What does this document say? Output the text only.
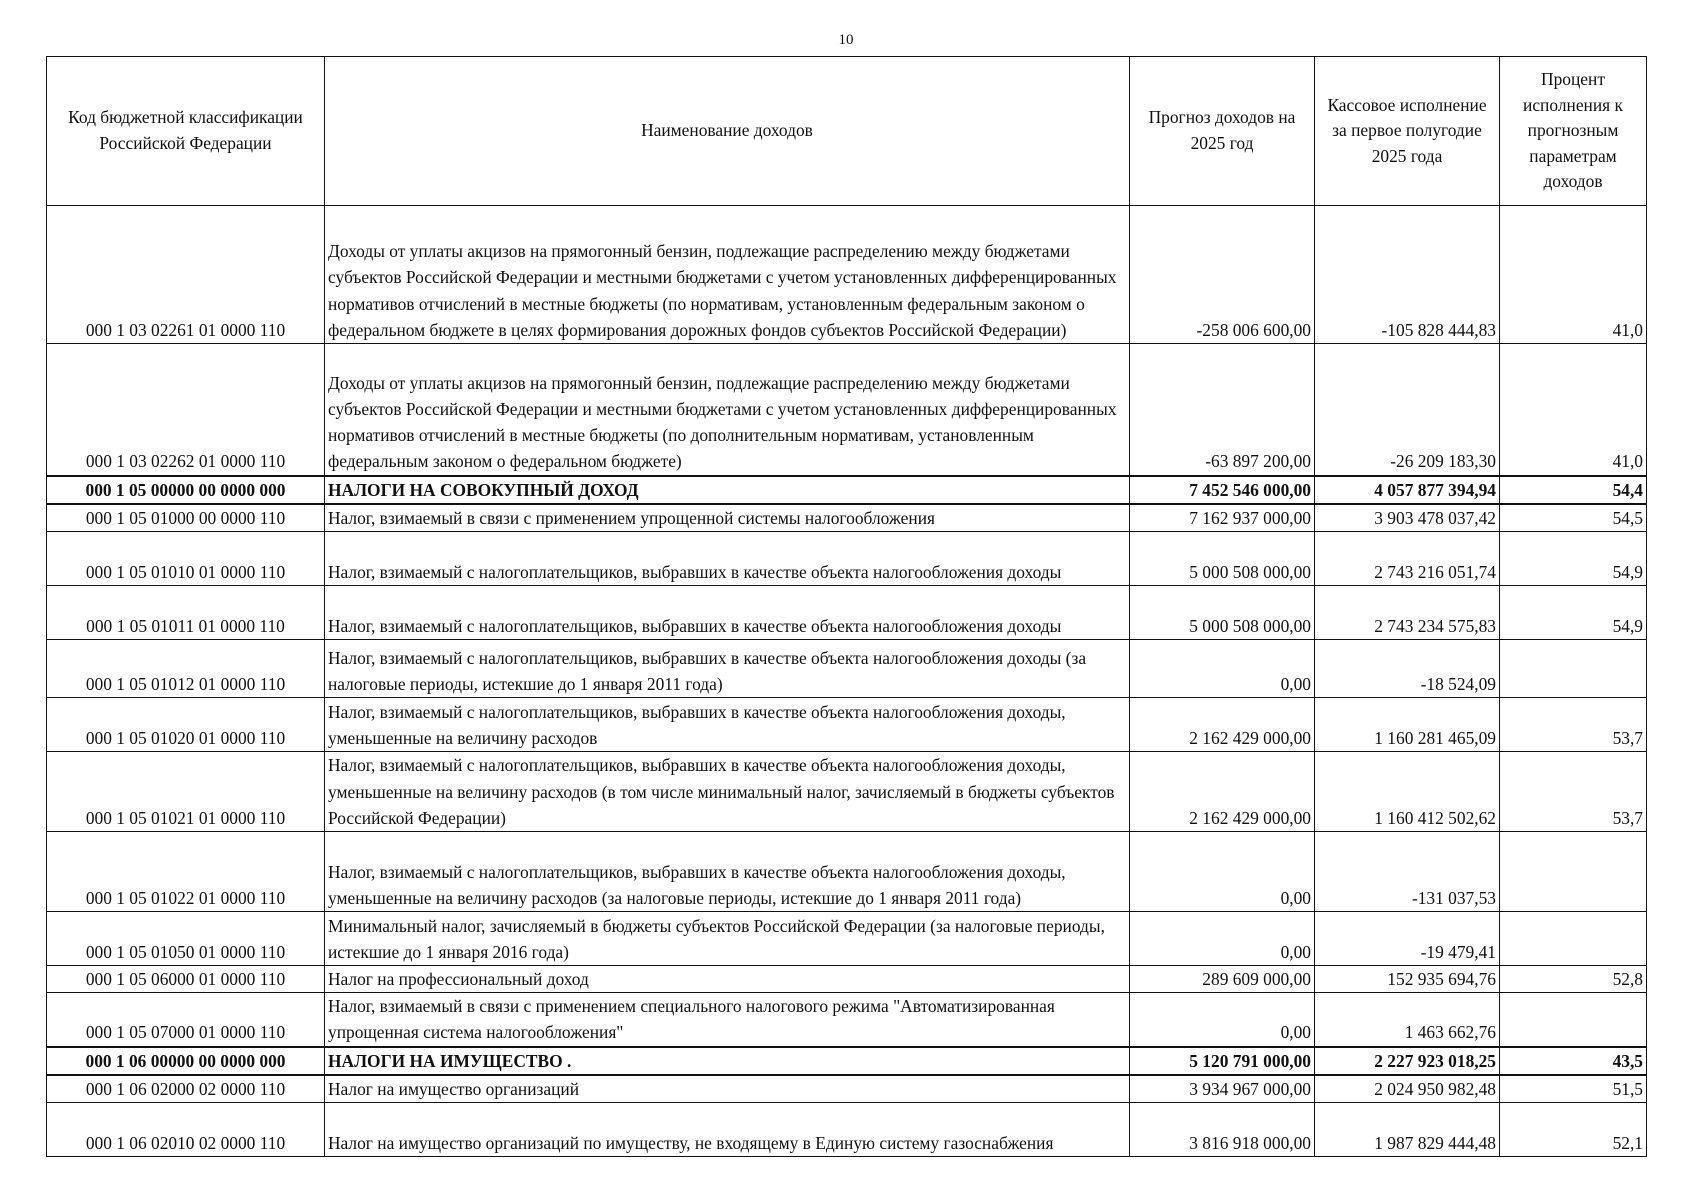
10
Код бюджетной классификации Российской Федерации	Наименование доходов	Прогноз доходов на 2025 год	Кассовое исполнение за первое полугодие 2025 года	Процент исполнения к прогнозным параметрам доходов
000 1 03 02261 01 0000 110	Доходы от уплаты акцизов на прямогонный бензин, подлежащие распределению между бюджетами субъектов Российской Федерации и местными бюджетами с учетом установленных дифференцированных нормативов отчислений в местные бюджеты (по нормативам, установленным федеральным законом о федеральном бюджете в целях формирования дорожных фондов субъектов Российской Федерации)	-258 006 600,00	-105 828 444,83	41,0
000 1 03 02262 01 0000 110	Доходы от уплаты акцизов на прямогонный бензин, подлежащие распределению между бюджетами субъектов Российской Федерации и местными бюджетами с учетом установленных дифференцированных нормативов отчислений в местные бюджеты (по дополнительным нормативам, установленным федеральным законом о федеральном бюджете)	-63 897 200,00	-26 209 183,30	41,0
000 1 05 00000 00 0000 000	НАЛОГИ НА СОВОКУПНЫЙ ДОХОД	7 452 546 000,00	4 057 877 394,94	54,4
000 1 05 01000 00 0000 110	Налог, взимаемый в связи с применением упрощенной системы налогообложения	7 162 937 000,00	3 903 478 037,42	54,5
000 1 05 01010 01 0000 110	Налог, взимаемый с налогоплательщиков, выбравших в качестве объекта налогообложения доходы	5 000 508 000,00	2 743 216 051,74	54,9
000 1 05 01011 01 0000 110	Налог, взимаемый с налогоплательщиков, выбравших в качестве объекта налогообложения доходы	5 000 508 000,00	2 743 234 575,83	54,9
000 1 05 01012 01 0000 110	Налог, взимаемый с налогоплательщиков, выбравших в качестве объекта налогообложения доходы (за налоговые периоды, истекшие до 1 января 2011 года)	0,00	-18 524,09	
000 1 05 01020 01 0000 110	Налог, взимаемый с налогоплательщиков, выбравших в качестве объекта налогообложения доходы, уменьшенные на величину расходов	2 162 429 000,00	1 160 281 465,09	53,7
000 1 05 01021 01 0000 110	Налог, взимаемый с налогоплательщиков, выбравших в качестве объекта налогообложения доходы, уменьшенные на величину расходов (в том числе минимальный налог, зачисляемый в бюджеты субъектов Российской Федерации)	2 162 429 000,00	1 160 412 502,62	53,7
000 1 05 01022 01 0000 110	Налог, взимаемый с налогоплательщиков, выбравших в качестве объекта налогообложения доходы, уменьшенные на величину расходов (за налоговые периоды, истекшие до 1 января 2011 года)	0,00	-131 037,53	
000 1 05 01050 01 0000 110	Минимальный налог, зачисляемый в бюджеты субъектов Российской Федерации (за налоговые периоды, истекшие до 1 января 2016 года)	0,00	-19 479,41	
000 1 05 06000 01 0000 110	Налог на профессиональный доход	289 609 000,00	152 935 694,76	52,8
000 1 05 07000 01 0000 110	Налог, взимаемый в связи с применением специального налогового режима "Автоматизированная упрощенная система налогообложения"	0,00	1 463 662,76	
000 1 06 00000 00 0000 000	НАЛОГИ НА ИМУЩЕСТВО .	5 120 791 000,00	2 227 923 018,25	43,5
000 1 06 02000 02 0000 110	Налог на имущество организаций	3 934 967 000,00	2 024 950 982,48	51,5
000 1 06 02010 02 0000 110	Налог на имущество организаций по имуществу, не входящему в Единую систему газоснабжения	3 816 918 000,00	1 987 829 444,48	52,1
